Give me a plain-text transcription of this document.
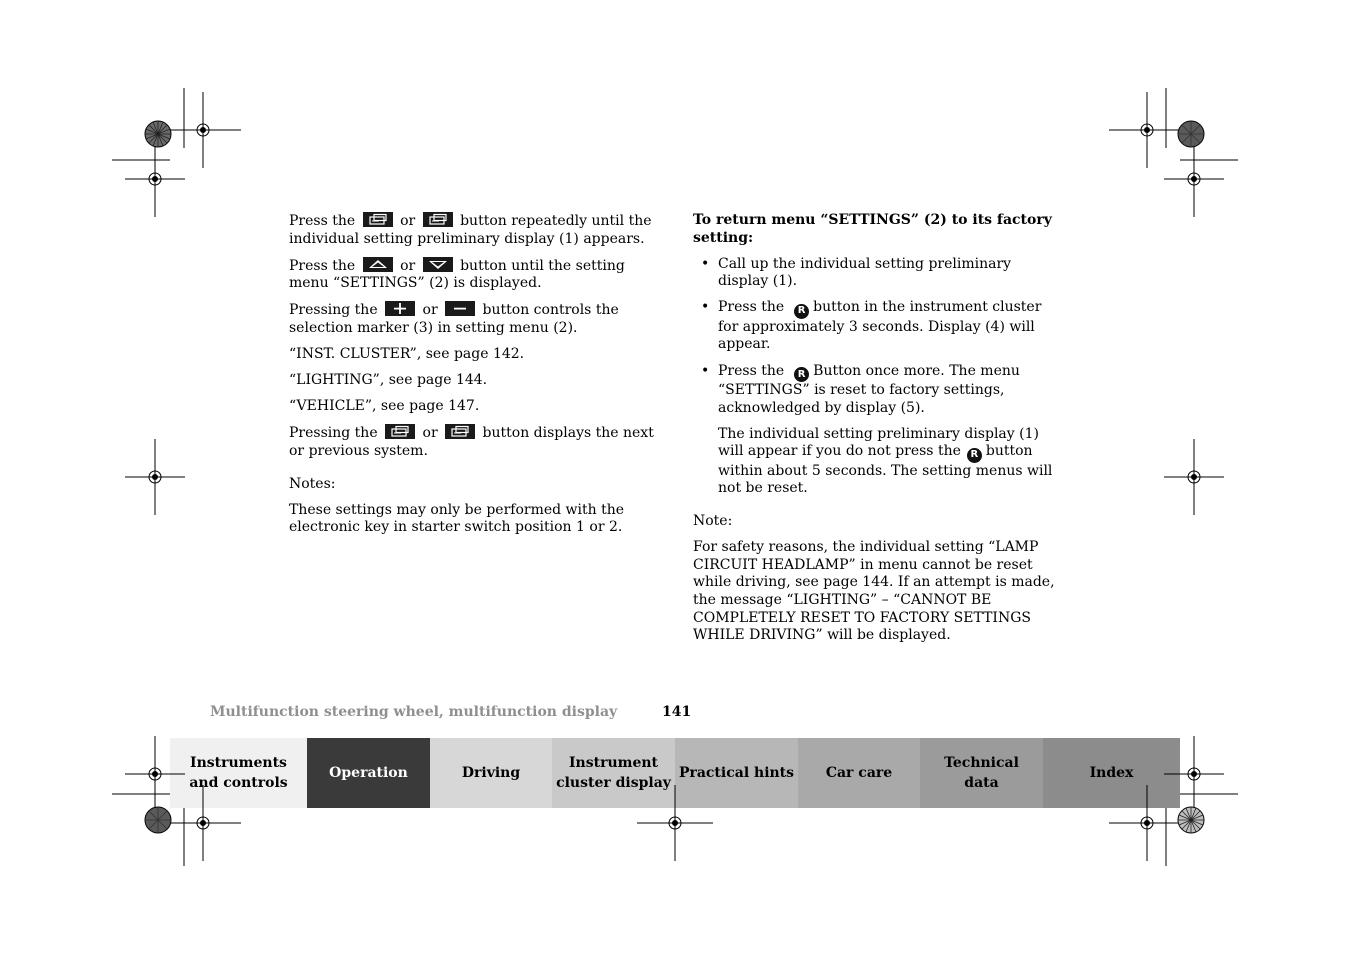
Press the	or	button repeatedly until the individual setting preliminary display (1) appears.

Press the	or	button until the setting menu “SETTINGS” (2) is displayed.

Pressing the	or	button controls the selection marker (3) in setting menu (2).

“INST. CLUSTER”, see page 142.

“LIGHTING”, see page 144.

“VEHICLE”, see page 147.

Pressing the	or	button displays the next or previous system.

Notes:

These settings may only be performed with the electronic key in starter switch position 1 or 2.

To return menu “SETTINGS” (2) to its factory setting:

• Call up the individual setting preliminary display (1).
• Press the R button in the instrument cluster for approximately 3 seconds. Display (4) will appear.
• Press the R Button once more. The menu “SETTINGS” is reset to factory settings, acknowledged by display (5).

The individual setting preliminary display (1) will appear if you do not press the R button within about 5 seconds. The setting menus will not be reset.

Note:

For safety reasons, the individual setting “LAMP CIRCUIT HEADLAMP” in menu cannot be reset while driving, see page 144. If an attempt is made, the message “LIGHTING” – “CANNOT BE COMPLETELY RESET TO FACTORY SETTINGS WHILE DRIVING” will be displayed.

Multifunction steering wheel, multifunction display	141
Instruments
and controls
Operation	Driving
Instrument
cluster display
Practical hints	Car care
Technical
data
Index
